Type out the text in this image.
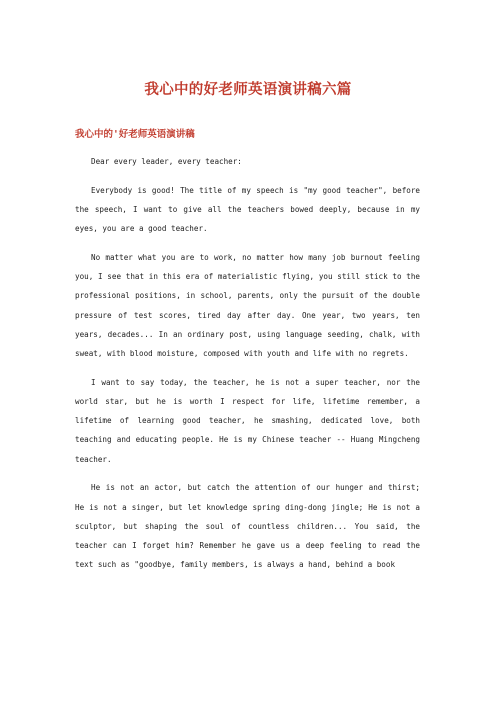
我心中的好老师英语演讲稿六篇
我心中的'好老师英语演讲稿

Dear every leader, every teacher:

Everybody is good! The title of my speech is "my good teacher", before the speech, I want to give all the teachers bowed deeply, because in my eyes, you are a good teacher.

No matter what you are to work, no matter how many job burnout feeling you, I see that in this era of materialistic flying, you still stick to the professional positions, in school, parents, only the pursuit of the double pressure of test scores, tired day after day. One year, two years, ten years, decades... In an ordinary post, using language seeding, chalk, with sweat, with blood moisture, composed with youth and life with no regrets.

I want to say today, the teacher, he is not a super teacher, nor the world star, but he is worth I respect for life, lifetime remember, a lifetime of learning good teacher, he smashing, dedicated love, both teaching and educating people. He is my Chinese teacher -- Huang Mingcheng teacher.

He is not an actor, but catch the attention of our hunger and thirst; He is not a singer, but let knowledge spring ding-dong jingle; He is not a sculptor, but shaping the soul of countless children... You said, the teacher can I forget him? Remember he gave us a deep feeling to read the text such as "goodbye, family members, is always a hand, behind a book
